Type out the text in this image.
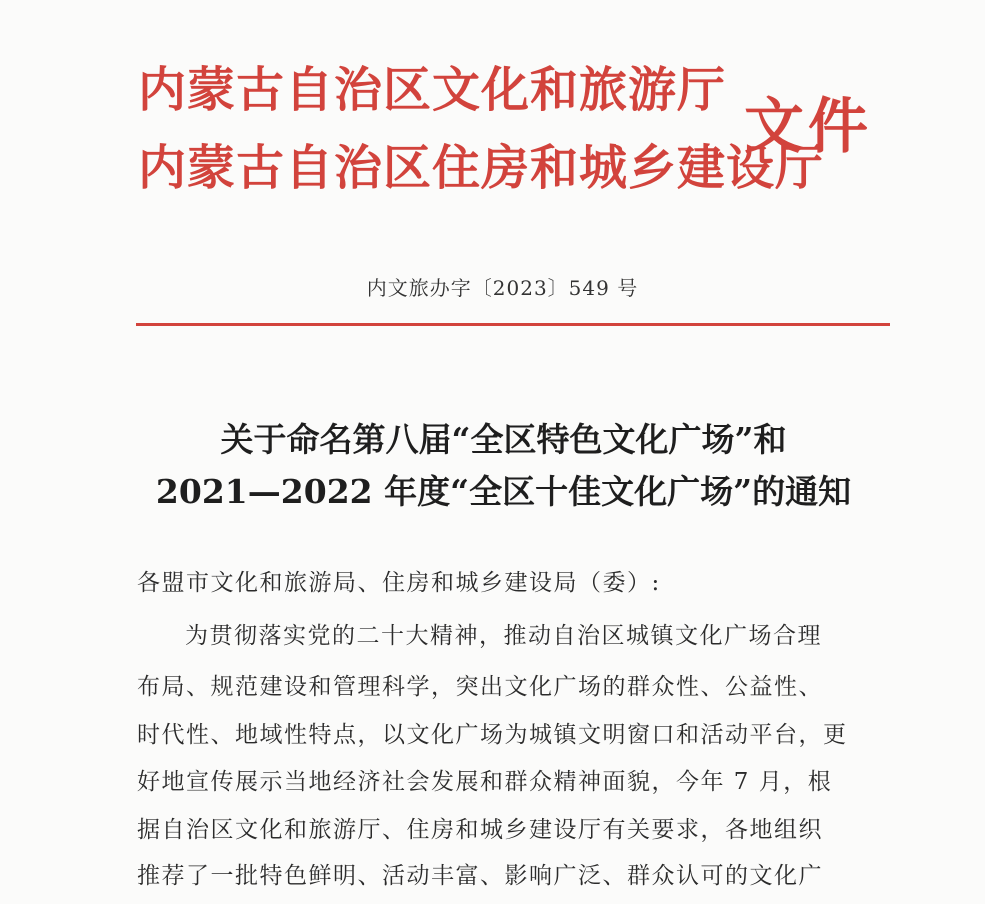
内蒙古自治区文化和旅游厅
内蒙古自治区住房和城乡建设厅
文件
内文旅办字〔2023〕549 号
关于命名第八届“全区特色文化广场”和
2021—2022 年度“全区十佳文化广场”的通知
各盟市文化和旅游局、住房和城乡建设局（委）:
为贯彻落实党的二十大精神，推动自治区城镇文化广场合理
布局、规范建设和管理科学，突出文化广场的群众性、公益性、
时代性、地域性特点，以文化广场为城镇文明窗口和活动平台，更
好地宣传展示当地经济社会发展和群众精神面貌，今年 7 月，根
据自治区文化和旅游厅、住房和城乡建设厅有关要求，各地组织
推荐了一批特色鲜明、活动丰富、影响广泛、群众认可的文化广
